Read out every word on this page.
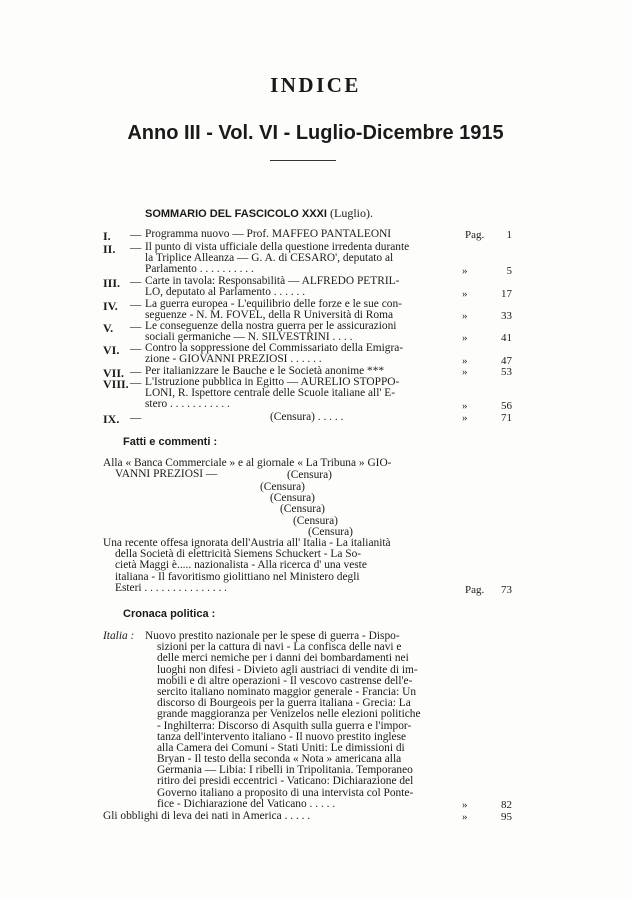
INDICE
Anno III - Vol. VI - Luglio-Dicembre 1915
SOMMARIO DEL FASCICOLO XXXI (Luglio).
I. — Programma nuovo — Prof. MAFFEO PANTALEONI	Pag.	1
II. — Il punto di vista ufficiale della questione irredenta durante
la Triplice Alleanza — G. A. di CESARO', deputato al
Parlamento . . . . . . . . . .	»	5
III. — Carte in tavola: Responsabilità — ALFREDO PETRIL-
LO, deputato al Parlamento . . . . . .	»	17
IV. — La guerra europea - L'equilibrio delle forze e le sue con-
seguenze - N. M. FOVEL, della R Università di Roma	»	33
V. — Le conseguenze della nostra guerra per le assicurazioni
sociali germaniche — N. SILVESTRINI . . . .	»	41
VI. — Contro la soppressione del Commissariato della Emigra-
zione - GIOVANNI PREZIOSI . . . . . .	»	47
VII. — Per italianizzare le Bauche e le Società anonime ***	»	53
VIII. — L'Istruzione pubblica in Egitto — AURELIO STOPPO-
LONI, R. Ispettore centrale delle Scuole italiane all' E-
stero . . . . . . . . . . .	»	56
IX. —	(Censura) . . . . .	»	71
Fatti e commenti :
Alla « Banca Commerciale » e al giornale « La Tribuna » GIO-
VANNI PREZIOSI —	(Censura)
(Censura)
(Censura)
(Censura)
(Censura)
(Censura)
Una recente offesa ignorata dell'Austria all' Italia - La italianità
della Società di elettricità Siemens Schuckert - La So-
cietà Maggi è..... nazionalista - Alla ricerca d' una veste
italiana - Il favoritismo giolittiano nel Ministero degli
Esteri . . . . . . . . . . . . . . .	Pag.	73
Cronaca politica :
Italia : Nuovo prestito nazionale per le spese di guerra - Dispo-
sizioni per la cattura di navi - La confisca delle navi e
delle merci nemiche per i danni dei bombardamenti nei
luoghi non difesi - Divieto agli austriaci di vendite di im-
mobili e di altre operazioni - Il vescovo castrense dell'e-
sercito italiano nominato maggior generale - Francia: Un
discorso di Bourgeois per la guerra italiana - Grecia: La
grande maggioranza per Venizelos nelle elezioni politiche
- Inghilterra: Discorso di Asquith sulla guerra e l'impor-
tanza dell'intervento italiano - Il nuovo prestito inglese
alla Camera dei Comuni - Stati Uniti: Le dimissioni di
Bryan - Il testo della seconda « Nota » americana alla
Germania — Libia: I ribelli in Tripolitania. Temporaneo
ritiro dei presidi eccentrici - Vaticano: Dichiarazione del
Governo italiano a proposito di una intervista col Ponte-
fice - Dichiarazione del Vaticano . . . . .	»	82
Gli obblighi di leva dei nati in America . . . . .	»	95
